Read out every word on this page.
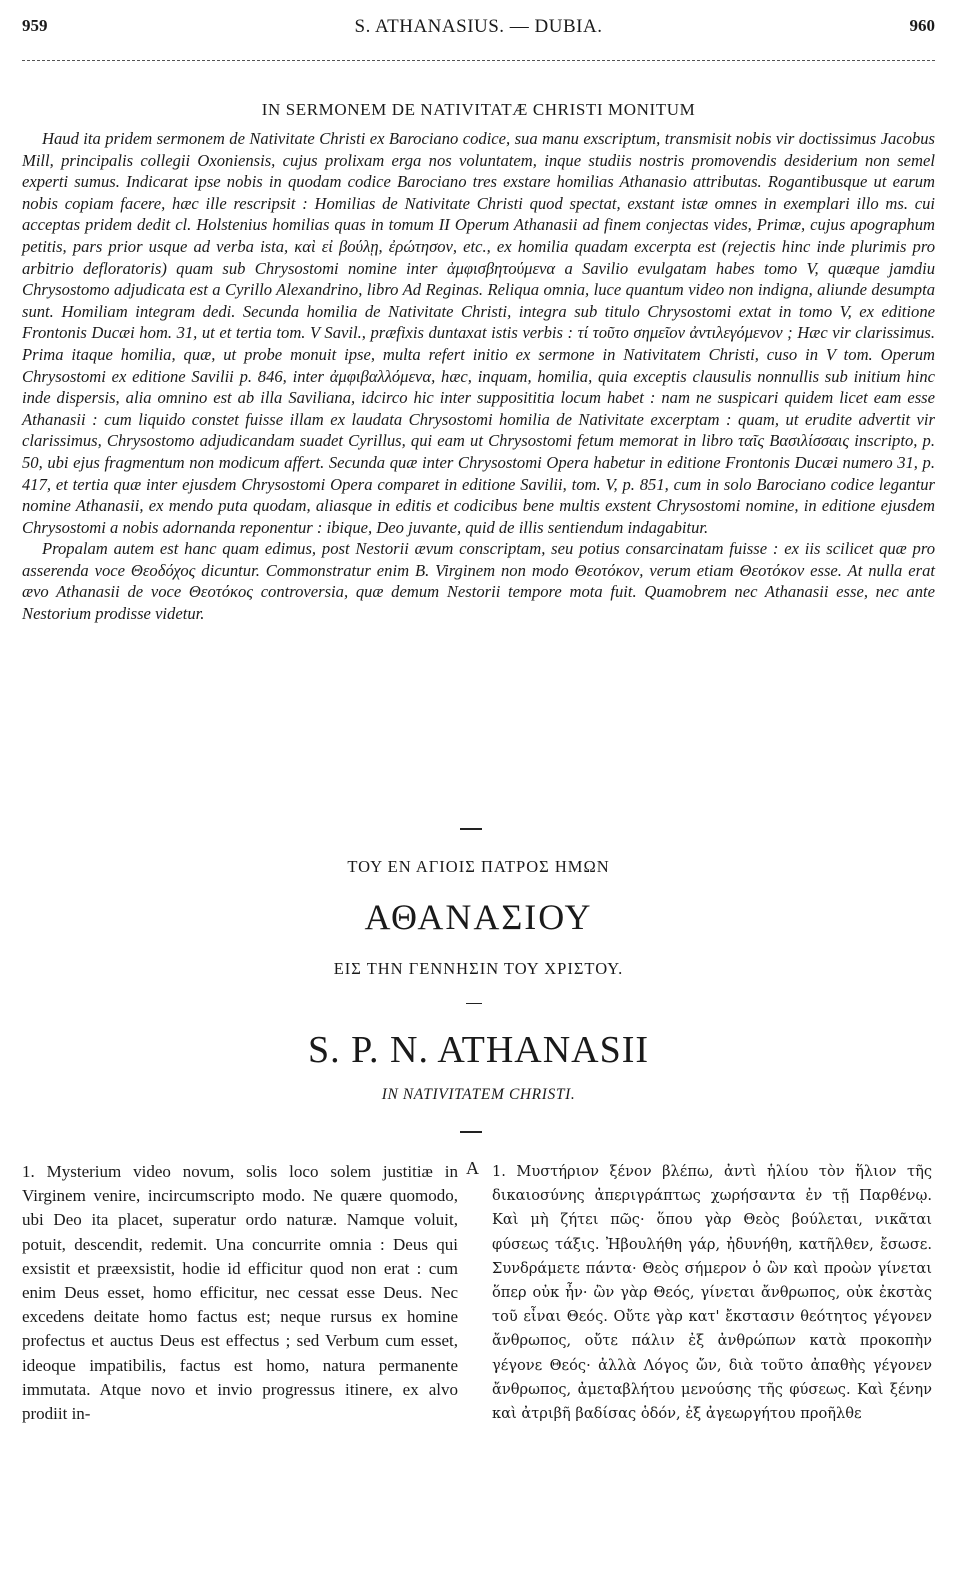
959	S. ATHANASIUS. — DUBIA.	960
IN SERMONEM DE NATIVITATÆ CHRISTI MONITUM

Haud ita pridem sermonem de Nativitate Christi ex Barociano codice, sua manu exscriptum, transmisit nobis vir doctissimus Jacobus Mill, principalis collegii Oxoniensis, cujus prolixam erga nos voluntatem, inque studiis nostris promovendis desiderium non semel experti sumus. Indicarat ipse nobis in quodam codice Barociano tres exstare homilias Athanasio attributas. Rogantibusque ut earum nobis copiam facere, hæc ille rescripsit : Homilias de Nativitate Christi quod spectat, exstant istæ omnes in exemplari illo ms. cui acceptas pridem dedit cl. Holstenius homilias quas in tomum II Operum Athanasii ad finem conjectas vides, Primæ, cujus apographum petitis, pars prior usque ad verba ista, καὶ εἰ βούλῃ, ἐρώτησον, etc., ex homilia quadam excerpta est (rejectis hinc inde plurimis pro arbitrio defloratoris) quam sub Chrysostomi nomine inter ἀμφισβητούμενα a Savilio evulgatam habes tomo V, quæque jamdiu Chrysostomo adjudicata est a Cyrillo Alexandrino, libro Ad Reginas. Reliqua omnia, luce quantum video non indigna, aliunde desumpta sunt. Homiliam integram dedi. Secunda homilia de Nativitate Christi, integra sub titulo Chrysostomi extat in tomo V, ex editione Frontonis Ducæi hom. 31, ut et tertia tom. V Savil., præfixis duntaxat istis verbis : τί τοῦτο σημεῖον ἀντιλεγόμενον ; Hæc vir clarissimus. Prima itaque homilia, quæ, ut probe monuit ipse, multa refert initio ex sermone in Nativitatem Christi, cuso in V tom. Operum Chrysostomi ex editione Savilii p. 846, inter ἀμφιβαλλόμενα, hæc, inquam, homilia, quia exceptis clausulis nonnullis sub initium hinc inde dispersis, alia omnino est ab illa Saviliana, idcirco hic inter supposititia locum habet : nam ne suspicari quidem licet eam esse Athanasii : cum liquido constet fuisse illam ex laudata Chrysostomi homilia de Nativitate excerptam : quam, ut erudite advertit vir clarissimus, Chrysostomo adjudicandam suadet Cyrillus, qui eam ut Chrysostomi fetum memorat in libro ταῖς Βασιλίσσαις inscripto, p. 50, ubi ejus fragmentum non modicum affert. Secunda quæ inter Chrysostomi Opera habetur in editione Frontonis Ducæi numero 31, p. 417, et tertia quæ inter ejusdem Chrysostomi Opera comparet in editione Savilii, tom. V, p. 851, cum in solo Barociano codice legantur nomine Athanasii, ex mendo puta quodam, aliasque in editis et codicibus bene multis exstent Chrysostomi nomine, in editione ejusdem Chrysostomi a nobis adornanda reponentur : ibique, Deo juvante, quid de illis sentiendum indagabitur.

Propalam autem est hanc quam edimus, post Nestorii ævum conscriptam, seu potius consarcinatam fuisse : ex iis scilicet quæ pro asserenda voce Θεοδόχος dicuntur. Commonstratur enim B. Virginem non modo Θεοτόκον, verum etiam Θεοτόκον esse. At nulla erat ævo Athanasii de voce Θεοτόκος controversia, quæ demum Nestorii tempore mota fuit. Quamobrem nec Athanasii esse, nec ante Nestorium prodisse videtur.

ΤΟΥ ΕΝ ΑΓΙΟΙΣ ΠΑΤΡΟΣ ΗΜΩΝ
ΑΘΑΝΑΣΙΟΥ
ΕΙΣ ΤΗΝ ΓΕΝΝΗΣΙΝ ΤΟΥ ΧΡΙΣΤΟΥ.
S. P. N. ATHANASII
IN NATIVITATEM CHRISTI.
1. Mysterium video novum, solis loco solem justitiæ in Virginem venire, incircumscripto modo. Ne quære quomodo, ubi Deo ita placet, superatur ordo naturæ. Namque voluit, potuit, descendit, redemit. Una concurrite omnia : Deus qui exsistit et præexsistit, hodie id efficitur quod non erat : cum enim Deus esset, homo efficitur, nec cessat esse Deus. Nec excedens deitate homo factus est; neque rursus ex homine profectus et auctus Deus est effectus ; sed Verbum cum esset, ideoque impatibilis, factus est homo, natura permanente immutata. Atque novo et invio progressus itinere, ex alvo prodiit in-
A 1. Μυστήριον ξένον βλέπω, ἀντὶ ἡλίου τὸν ἥλιον τῆς δικαιοσύνης ἀπεριγράπτως χωρήσαντα ἐν τῇ Παρθένῳ. Καὶ μὴ ζήτει πῶς· ὅπου γὰρ Θεὸς βούλεται, νικᾶται φύσεως τάξις. Ἠβουλήθη γάρ, ἠδυνήθη, κατῆλθεν, ἔσωσε. Συνδράμετε πάντα· Θεὸς σήμερον ὁ ὢν καὶ προὼν γίνεται ὅπερ οὐκ ἦν· ὢν γὰρ Θεός, γίνεται ἄνθρωπος, οὐκ ἐκστὰς τοῦ εἶναι Θεός. Οὔτε γὰρ κατ' ἔκστασιν θεότητος γέγονεν ἄνθρωπος, οὔτε πάλιν ἐξ ἀνθρώπων κατὰ προκοπὴν γέγονε Θεός· ἀλλὰ Λόγος ὤν, διὰ τοῦτο ἀπαθὴς γέγονεν ἄνθρωπος, ἀμεταβλήτου μενούσης τῆς φύσεως. Καὶ ξένην καὶ ἀτριβῆ βαδίσας ὁδόν, ἐξ ἀγεωργήτου προῆλθε
